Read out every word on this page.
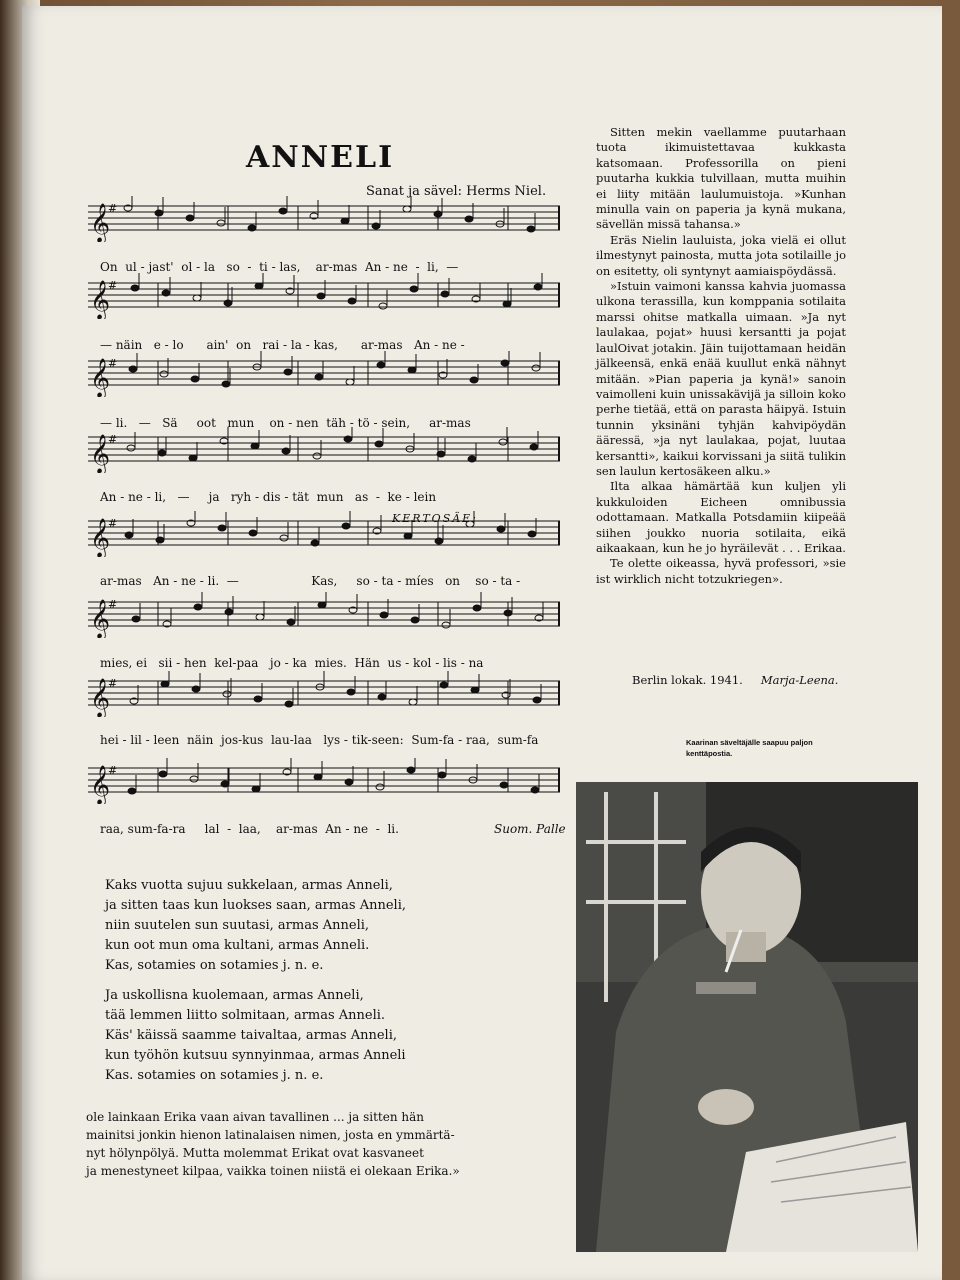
ANNELI
Sanat ja sävel: Herms Niel.
𝄞
#
𝄞
#
𝄞
#
𝄞
#
𝄞
#
𝄞
#
𝄞
#
𝄞
#
On  ul - jast'  ol - la   so  -  ti - las,    ar-mas  An - ne  -  li,  —
— näin   e - lo      ain'  on   rai - la - kas,      ar-mas   An - ne -
— li.   —   Sä     oot   mun    on - nen  täh - tö - sein,     ar-mas
An - ne - li,   —     ja   ryh - dis - tät  mun   as  -  ke - lein
KERTOSÄE:
ar-mas   An - ne - li.  —                   Kas,     so - ta - míes   on    so - ta -
mies, ei   sii - hen  kel-paa   jo - ka  mies.  Hän  us - kol - lis - na
hei - lil - leen  näin  jos-kus  lau-laa   lys - tik-seen:  Sum-fa - raa,  sum-fa
raa, sum-fa-ra     lal  -  laa,    ar-mas  An - ne  -  li.	Suom. Palle
Kaks vuotta sujuu sukkelaan, armas Anneli,
ja sitten taas kun luokses saan, armas Anneli,
niin suutelen sun suutasi, armas Anneli,
kun oot mun oma kultani, armas Anneli.
Kas, sotamies on sotamies j. n. e.
Ja uskollisna kuolemaan, armas Anneli,
tää lemmen liitto solmitaan, armas Anneli.
Käs' käissä saamme taivaltaa, armas Anneli,
kun työhön kutsuu synnyinmaa, armas Anneli
Kas. sotamies on sotamies j. n. e.
ole lainkaan Erika vaan aivan tavallinen ... ja sitten hän
mainitsi jonkin hienon latinalaisen nimen, josta en ymmärtä-
nyt hölynpölyä. Mutta molemmat Erikat ovat kasvaneet
ja menestyneet kilpaa, vaikka toinen niistä ei olekaan Erika.»

Sitten mekin vaellamme puutarhaan tuota ikimuistettavaa kukkasta katsomaan. Professorilla on pieni puutarha kukkia tulvillaan, mutta muihin ei liity mitään laulumuistoja. »Kunhan minulla vain on paperia ja kynä mukana, sävellän missä tahansa.»

Eräs Nielin lauluista, joka vielä ei ollut ilmestynyt painosta, mutta jota sotilaille jo on esitetty, oli syntynyt aamiaispöydässä.

»Istuin vaimoni kanssa kahvia juomassa ulkona terassilla, kun komppania sotilaita marssi ohitse matkalla uimaan. »Ja nyt laulakaa, pojat» huusi kersantti ja pojat laulOivat jotakin. Jäin tuijottamaan heidän jälkeensä, enkä enää kuullut enkä nähnyt mitään. »Pian paperia ja kynä!» sanoin vaimolleni kuin unissakävijä ja silloin koko perhe tietää, että on parasta häipyä. Istuin tunnin yksinäni tyhjän kahvipöydän ääressä, »ja nyt laulakaa, pojat, luutaa kersantti», kaikui korvissani ja siitä tulikin sen laulun kertosäkeen alku.»

Ilta alkaa hämärtää kun kuljen yli kukkuloiden Eicheen omnibussia odottamaan. Matkalla Potsdamiin kiipeää siihen joukko nuoria sotilaita, eikä aikaakaan, kun he jo hyräilevät . . . Erikaa.

Te olette oikeassa, hyvä professori, »sie ist wirklich nicht totzukriegen».

Berlin lokak. 1941. Marja-Leena.
Kaarinan säveltäjälle saapuu paljon kenttäpostia.
